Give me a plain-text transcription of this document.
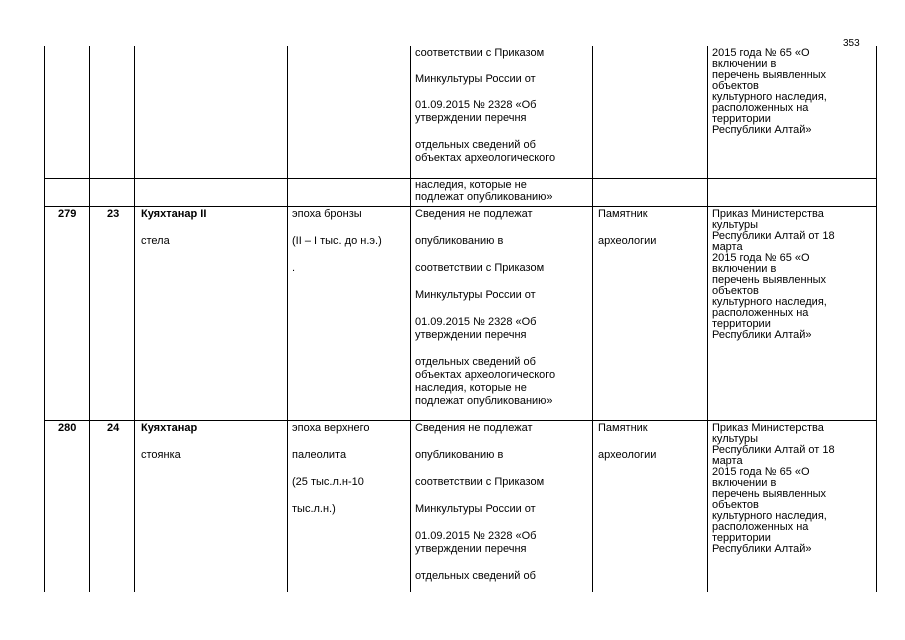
353
соответствии с Приказом
Минкультуры России от
01.09.2015 № 2328 «Об
утверждении перечня
отдельных сведений об
объектах археологического
2015 года № 65 «О
включении в
перечень выявленных
объектов
культурного наследия,
расположенных на
территории
Республики Алтай»
наследия, которые не
подлежат опубликованию»
279	23 Куяхтанар II
стела
эпоха бронзы
(II – I тыс. до н.э.)
.
Сведения не подлежат
опубликованию в
соответствии с Приказом
Минкультуры России от
01.09.2015 № 2328 «Об
утверждении перечня
отдельных сведений об
объектах археологического
наследия, которые не
подлежат опубликованию»
Памятник
археологии
Приказ Министерства
культуры
Республики Алтай от 18
марта
2015 года № 65 «О
включении в
перечень выявленных
объектов
культурного наследия,
расположенных на
территории
Республики Алтай»
280	24 Куяхтанар
стоянка
эпоха верхнего
палеолита
(25 тыс.л.н-10
тыс.л.н.)
Сведения не подлежат
опубликованию в
соответствии с Приказом
Минкультуры России от
01.09.2015 № 2328 «Об
утверждении перечня
отдельных сведений об
Памятник
археологии
Приказ Министерства
культуры
Республики Алтай от 18
марта
2015 года № 65 «О
включении в
перечень выявленных
объектов
культурного наследия,
расположенных на
территории
Республики Алтай»
